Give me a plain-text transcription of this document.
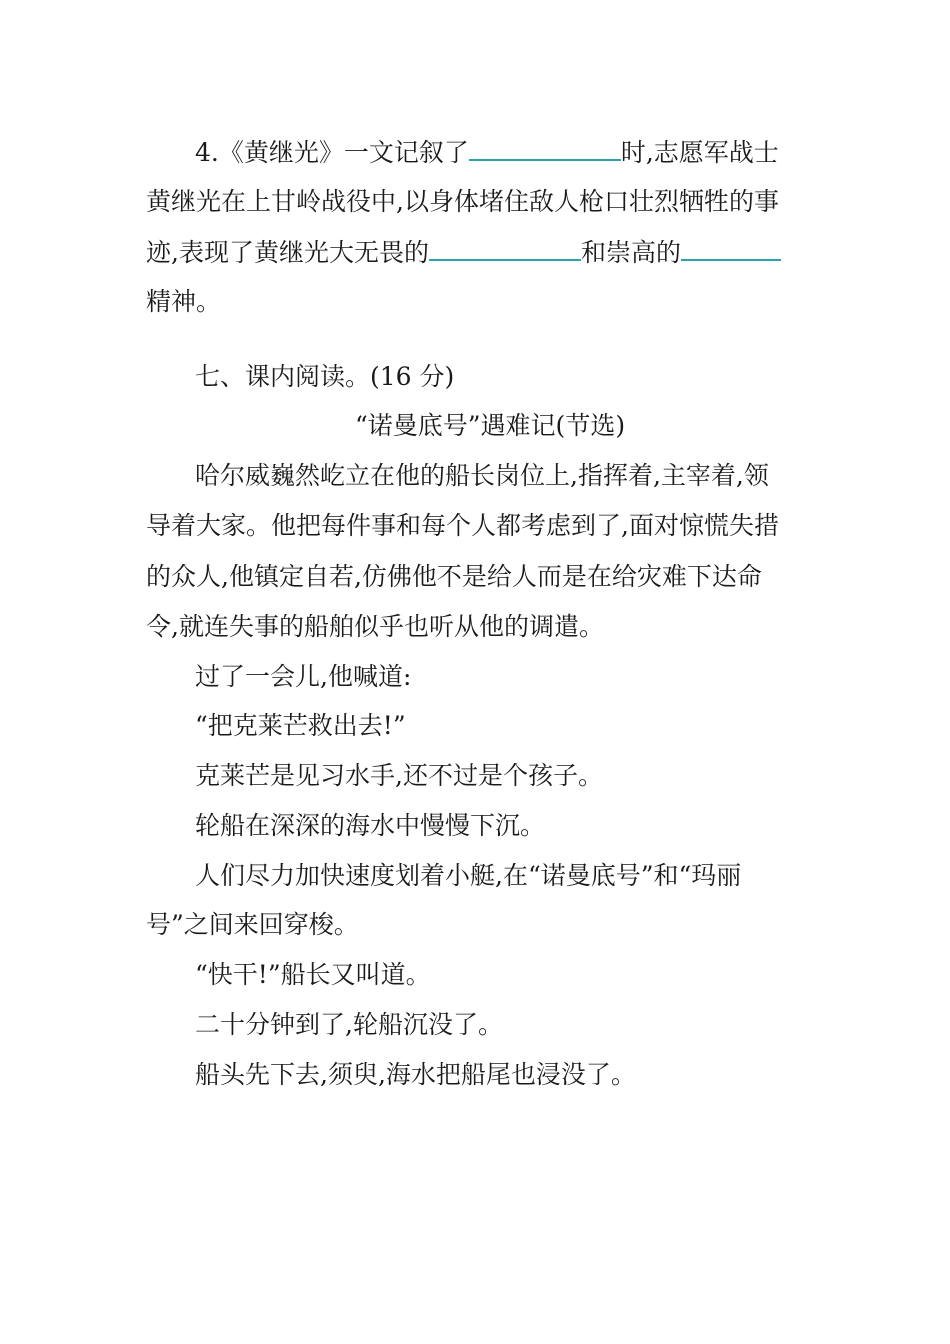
4.《黄继光》一文记叙了	时,志愿军战士
黄继光在上甘岭战役中,以身体堵住敌人枪口壮烈牺牲的事
迹,表现了黄继光大无畏的	和崇高的
精神。
七、课内阅读。(16 分)
“诺曼底号”遇难记(节选)
哈尔威巍然屹立在他的船长岗位上,指挥着,主宰着,领
导着大家。他把每件事和每个人都考虑到了,面对惊慌失措
的众人,他镇定自若,仿佛他不是给人而是在给灾难下达命
令,就连失事的船舶似乎也听从他的调遣。
过了一会儿,他喊道:
“把克莱芒救出去!”
克莱芒是见习水手,还不过是个孩子。
轮船在深深的海水中慢慢下沉。
人们尽力加快速度划着小艇,在“诺曼底号”和“玛丽
号”之间来回穿梭。
“快干!”船长又叫道。
二十分钟到了,轮船沉没了。
船头先下去,须臾,海水把船尾也浸没了。
